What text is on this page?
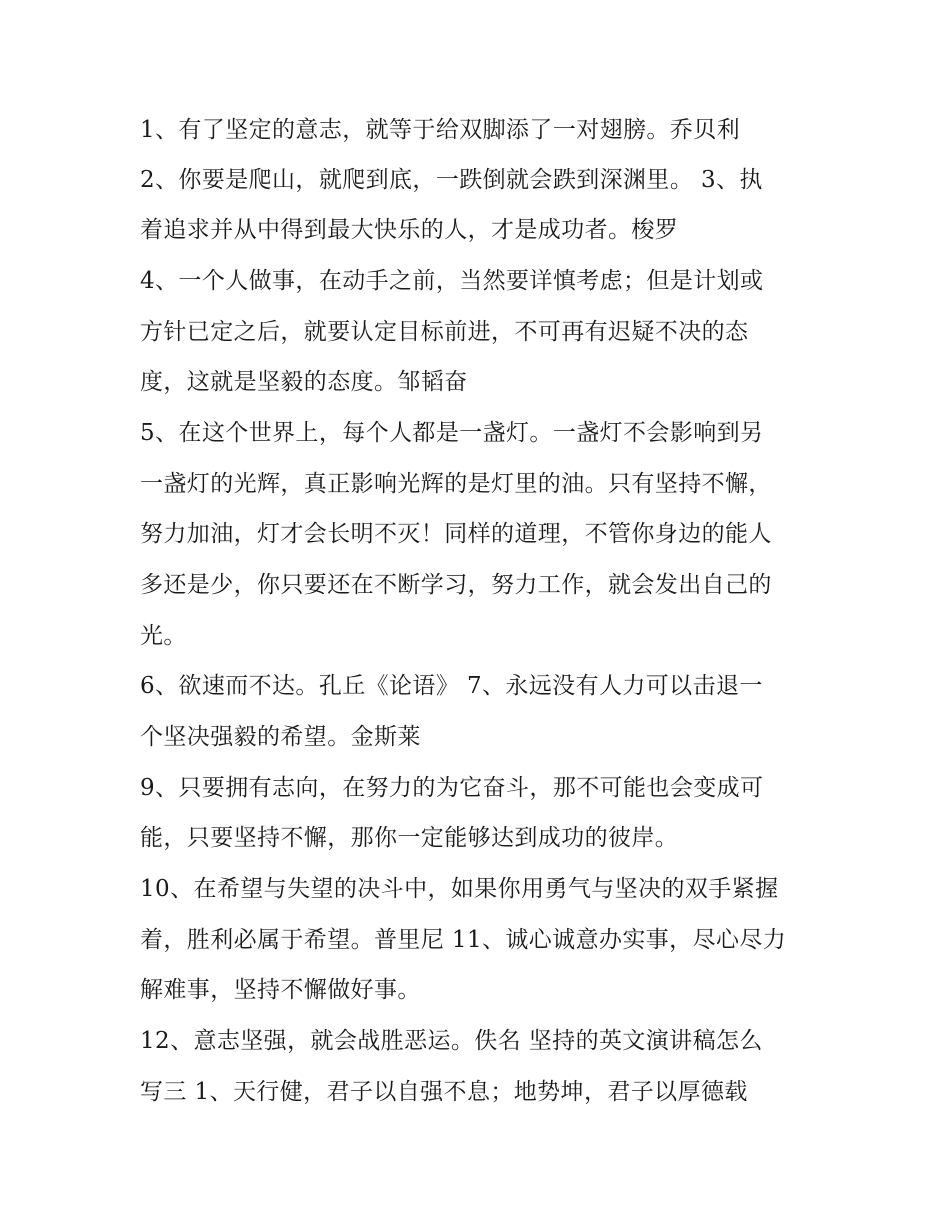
1、有了坚定的意志，就等于给双脚添了一对翅膀。乔贝利
2、你要是爬山，就爬到底，一跌倒就会跌到深渊里。 3、执
着追求并从中得到最大快乐的人，才是成功者。梭罗
4、一个人做事，在动手之前，当然要详慎考虑；但是计划或
方针已定之后，就要认定目标前进，不可再有迟疑不决的态
度，这就是坚毅的态度。邹韬奋
5、在这个世界上，每个人都是一盏灯。一盏灯不会影响到另
一盏灯的光辉，真正影响光辉的是灯里的油。只有坚持不懈，
努力加油，灯才会长明不灭！同样的道理，不管你身边的能人
多还是少，你只要还在不断学习，努力工作，就会发出自己的
光。
6、欲速而不达。孔丘《论语》 7、永远没有人力可以击退一
个坚决强毅的希望。金斯莱
9、只要拥有志向，在努力的为它奋斗，那不可能也会变成可
能，只要坚持不懈，那你一定能够达到成功的彼岸。
10、在希望与失望的决斗中，如果你用勇气与坚决的双手紧握
着，胜利必属于希望。普里尼 11、诚心诚意办实事，尽心尽力
解难事，坚持不懈做好事。
12、意志坚强，就会战胜恶运。佚名 坚持的英文演讲稿怎么
写三 1、天行健，君子以自强不息；地势坤，君子以厚德载
